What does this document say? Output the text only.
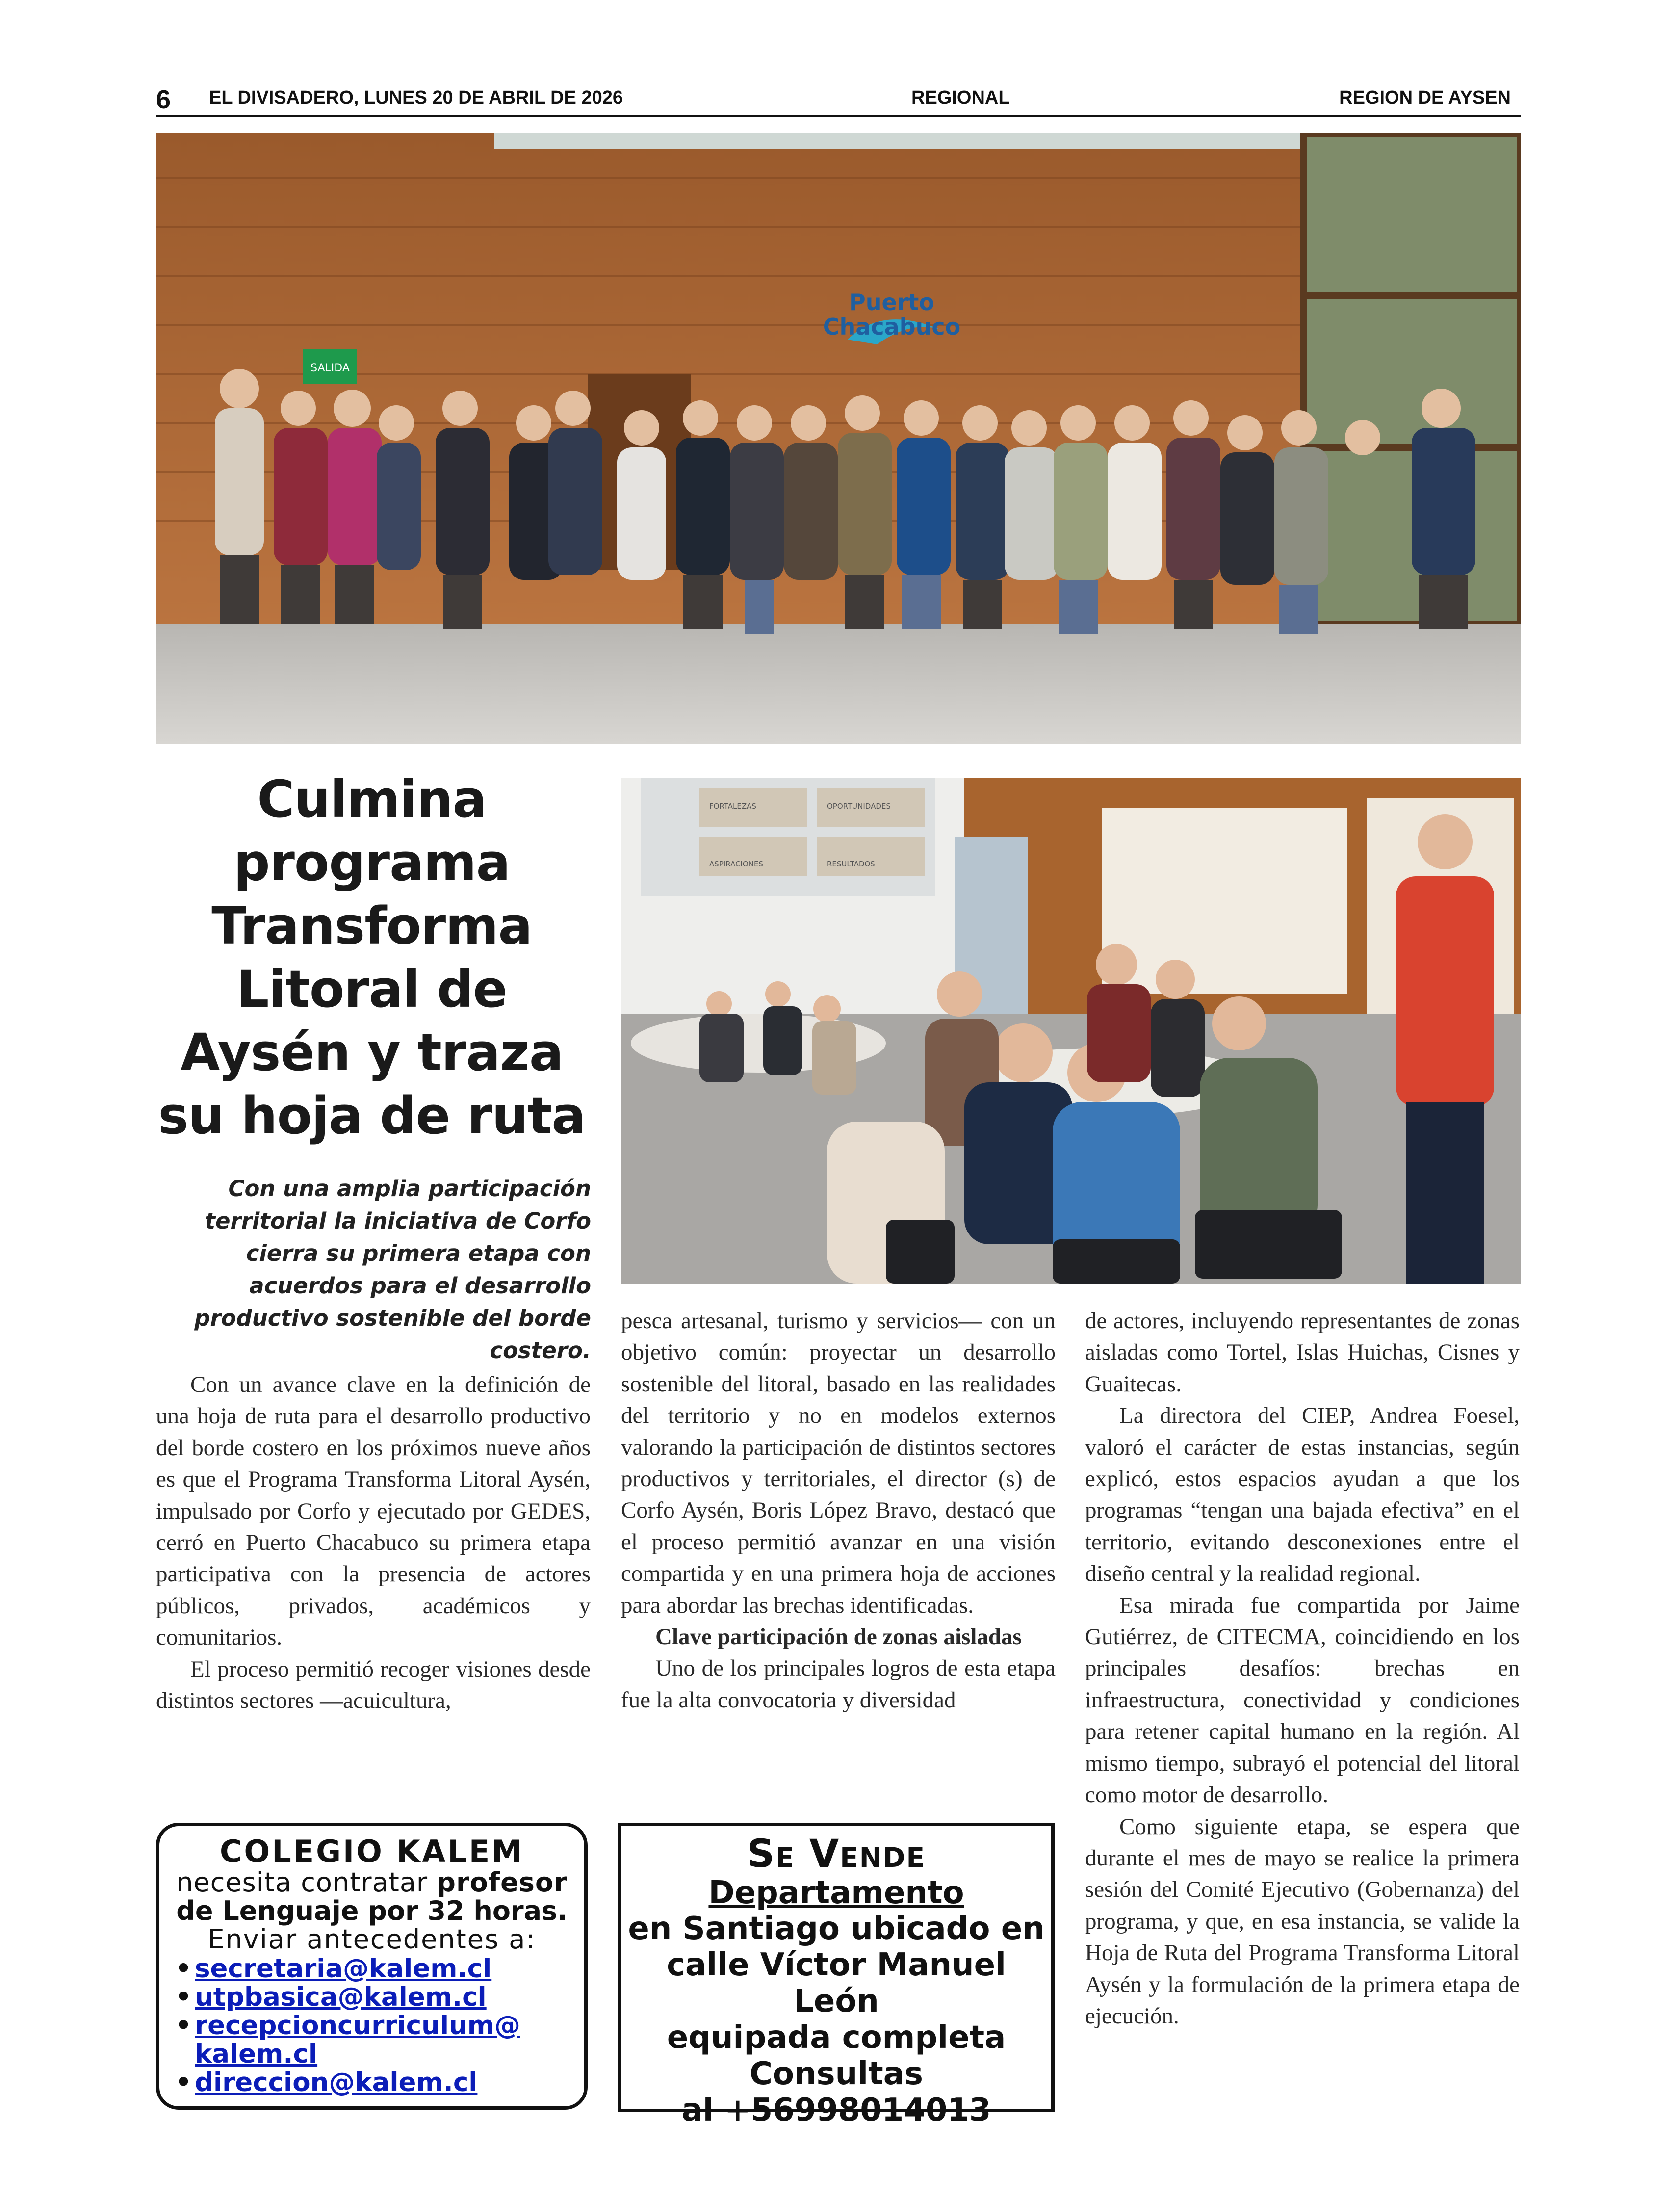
6 EL DIVISADERO, LUNES 20 DE ABRIL DE 2026	REGIONAL	REGION DE AYSEN
SALIDA
Puerto
Chacabuco
Culmina programa Transforma Litoral de Aysén y traza su hoja de ruta
FORTALEZAS	OPORTUNIDADES
ASPIRACIONES	RESULTADOS
Con una amplia participación territorial la iniciativa de Corfo cierra su primera etapa con acuerdos para el desarrollo productivo sostenible del borde costero.

Con un avance clave en la definición de una hoja de ruta para el desarrollo productivo del borde costero en los próximos nueve años es que el Programa Transforma Litoral Aysén, impulsado por Corfo y ejecutado por GEDES, cerró en Puerto Chacabuco su primera etapa participativa con la presencia de actores públicos, privados, académicos y comunitarios.

El proceso permitió recoger visiones desde distintos sectores —acuicultura,

pesca artesanal, turismo y servicios— con un objetivo común: proyectar un desarrollo sostenible del litoral, basado en las realidades del territorio y no en modelos externos valorando la participación de distintos sectores productivos y territoriales, el director (s) de Corfo Aysén, Boris López Bravo, destacó que el proceso permitió avanzar en una visión compartida y en una primera hoja de acciones para abordar las brechas identificadas.

Clave participación de zonas aisladas

Uno de los principales logros de esta etapa fue la alta convocatoria y diversidad

de actores, incluyendo representantes de zonas aisladas como Tortel, Islas Huichas, Cisnes y Guaitecas.

La directora del CIEP, Andrea Foesel, valoró el carácter de estas instancias, según explicó, estos espacios ayudan a que los programas “tengan una bajada efectiva” en el territorio, evitando desconexiones entre el diseño central y la realidad regional.

Esa mirada fue compartida por Jaime Gutiérrez, de CITECMA, coincidiendo en los principales desafíos: brechas en infraestructura, conectividad y condiciones para retener capital humano en la región. Al mismo tiempo, subrayó el potencial del litoral como motor de desarrollo.

Como siguiente etapa, se espera que durante el mes de mayo se realice la primera sesión del Comité Ejecutivo (Gobernanza) del programa, y que, en esa instancia, se valide la Hoja de Ruta del Programa Transforma Litoral Aysén y la formulación de la primera etapa de ejecución.

COLEGIO KALEM
necesita contratar profesor
de Lenguaje por 32 horas.
Enviar antecedentes a:
• secretaria@kalem.cl
• utpbasica@kalem.cl
• recepcioncurriculum@ kalem.cl
• direccion@kalem.cl
Se Vende
Departamento
en Santiago ubicado en
calle Víctor Manuel León
equipada completa
Consultas
al +56998014013
